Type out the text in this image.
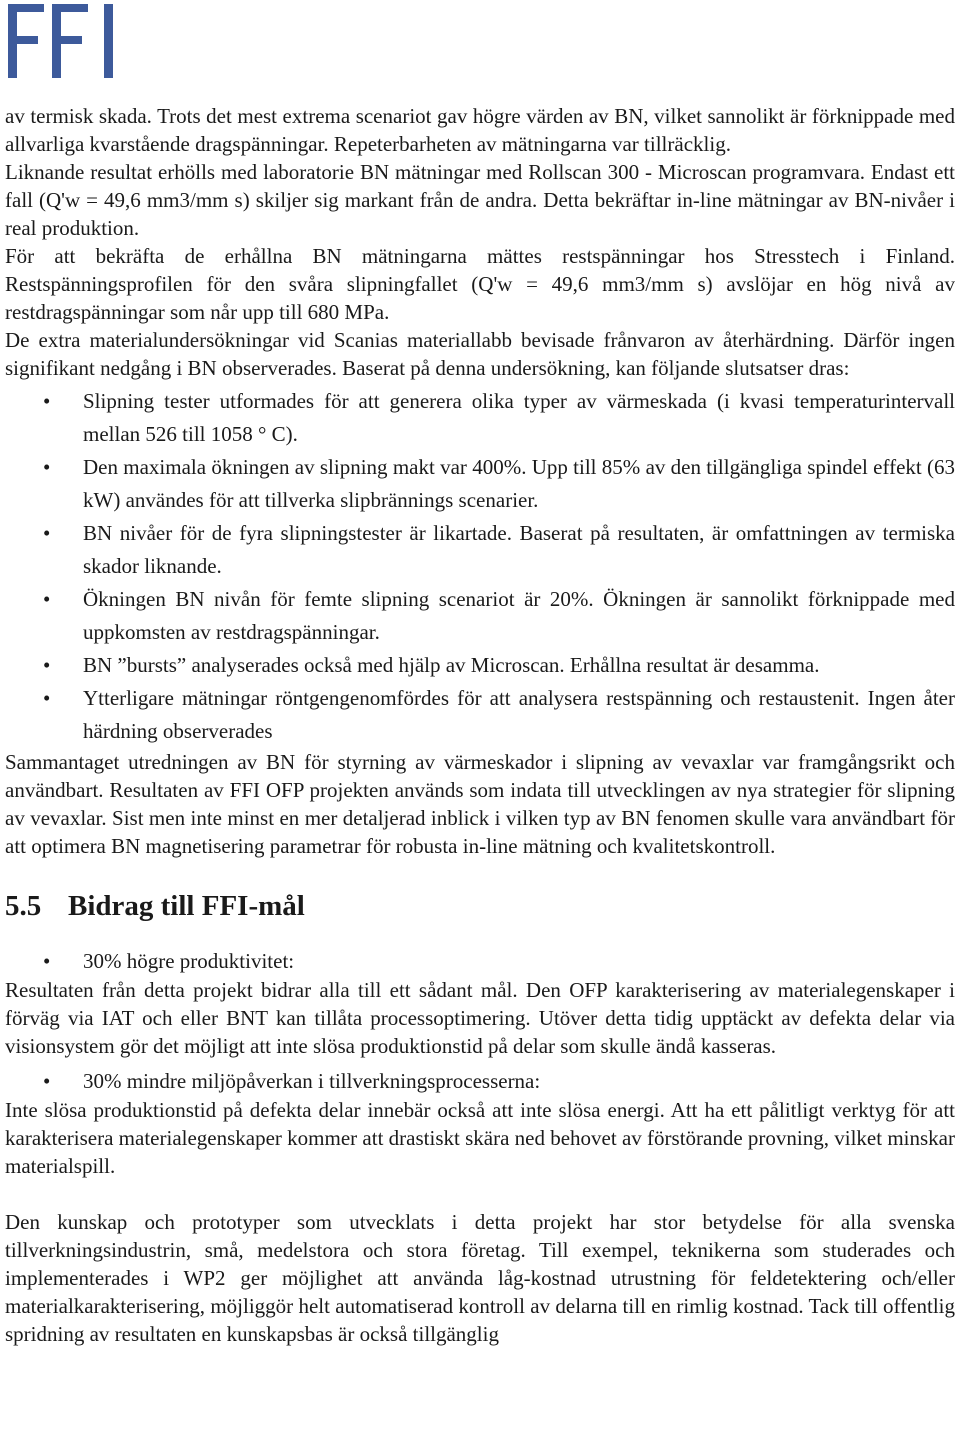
av termisk skada. Trots det mest extrema scenariot gav högre värden av BN, vilket sannolikt är förknippade med allvarliga kvarstående dragspänningar. Repeterbarheten av mätningarna var tillräcklig.

Liknande resultat erhölls med laboratorie BN mätningar med Rollscan 300 - Microscan programvara. Endast ett fall (Q'w = 49,6 mm3/mm s) skiljer sig markant från de andra. Detta bekräftar in-line mätningar av BN-nivåer i real produktion.

För att bekräfta de erhållna BN mätningarna mättes restspänningar hos Stresstech i Finland. Restspänningsprofilen för den svåra slipningfallet (Q'w = 49,6 mm3/mm s) avslöjar en hög nivå av restdragspänningar som når upp till 680 MPa.

De extra materialundersökningar vid Scanias materiallabb bevisade frånvaron av återhärdning. Därför ingen signifikant nedgång i BN observerades. Baserat på denna undersökning, kan följande slutsatser dras:

• Slipning tester utformades för att generera olika typer av värmeskada (i kvasi temperaturintervall mellan 526 till 1058 ° C).
• Den maximala ökningen av slipning makt var 400%. Upp till 85% av den tillgängliga spindel effekt (63 kW) användes för att tillverka slipbrännings scenarier.
• BN nivåer för de fyra slipningstester är likartade. Baserat på resultaten, är omfattningen av termiska skador liknande.
• Ökningen BN nivån för femte slipning scenariot är 20%. Ökningen är sannolikt förknippade med uppkomsten av restdragspänningar.
• BN ”bursts” analyserades också med hjälp av Microscan. Erhållna resultat är desamma.
• Ytterligare mätningar röntgengenomfördes för att analysera restspänning och restaustenit. Ingen åter härdning observerades

Sammantaget utredningen av BN för styrning av värmeskador i slipning av vevaxlar var framgångsrikt och användbart. Resultaten av FFI OFP projekten används som indata till utvecklingen av nya strategier för slipning av vevaxlar. Sist men inte minst en mer detaljerad inblick i vilken typ av BN fenomen skulle vara användbart för att optimera BN magnetisering parametrar för robusta in-line mätning och kvalitetskontroll.

5.5 Bidrag till FFI-mål
• 30% högre produktivitet:

Resultaten från detta projekt bidrar alla till ett sådant mål. Den OFP karakterisering av materialegenskaper i förväg via IAT och eller BNT kan tillåta processoptimering. Utöver detta tidig upptäckt av defekta delar via visionsystem gör det möjligt att inte slösa produktionstid på delar som skulle ändå kasseras.

• 30% mindre miljöpåverkan i tillverkningsprocesserna:

Inte slösa produktionstid på defekta delar innebär också att inte slösa energi. Att ha ett pålitligt verktyg för att karakterisera materialegenskaper kommer att drastiskt skära ned behovet av förstörande provning, vilket minskar materialspill.

Den kunskap och prototyper som utvecklats i detta projekt har stor betydelse för alla svenska tillverkningsindustrin, små, medelstora och stora företag. Till exempel, teknikerna som studerades och implementerades i WP2 ger möjlighet att använda låg-kostnad utrustning för feldetektering och/eller materialkarakterisering, möjliggör helt automatiserad kontroll av delarna till en rimlig kostnad. Tack till offentlig spridning av resultaten en kunskapsbas är också tillgänglig
